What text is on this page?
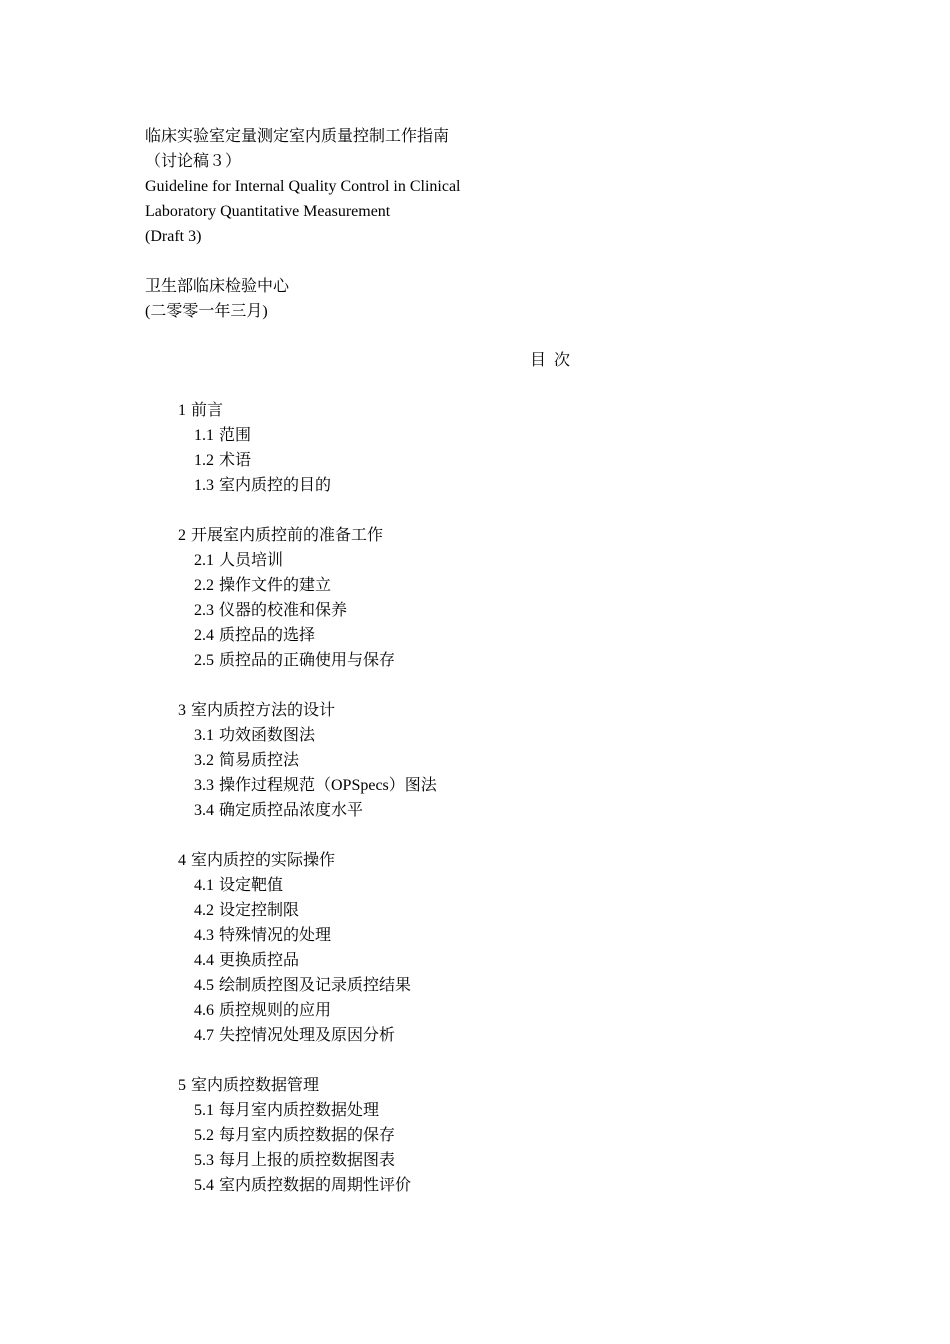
临床实验室定量测定室内质量控制工作指南
（讨论稿３）
Guideline for Internal Quality Control in Clinical
Laboratory Quantitative Measurement
(Draft 3)
卫生部临床检验中心
(二零零一年三月)
目 次
1 前言
1.1 范围
1.2 术语
1.3 室内质控的目的
2 开展室内质控前的准备工作
2.1 人员培训
2.2 操作文件的建立
2.3 仪器的校准和保养
2.4 质控品的选择
2.5 质控品的正确使用与保存
3 室内质控方法的设计
3.1 功效函数图法
3.2 简易质控法
3.3 操作过程规范（OPSpecs）图法
3.4 确定质控品浓度水平
4 室内质控的实际操作
4.1 设定靶值
4.2 设定控制限
4.3 特殊情况的处理
4.4 更换质控品
4.5 绘制质控图及记录质控结果
4.6 质控规则的应用
4.7 失控情况处理及原因分析
5 室内质控数据管理
5.1 每月室内质控数据处理
5.2 每月室内质控数据的保存
5.3 每月上报的质控数据图表
5.4 室内质控数据的周期性评价
